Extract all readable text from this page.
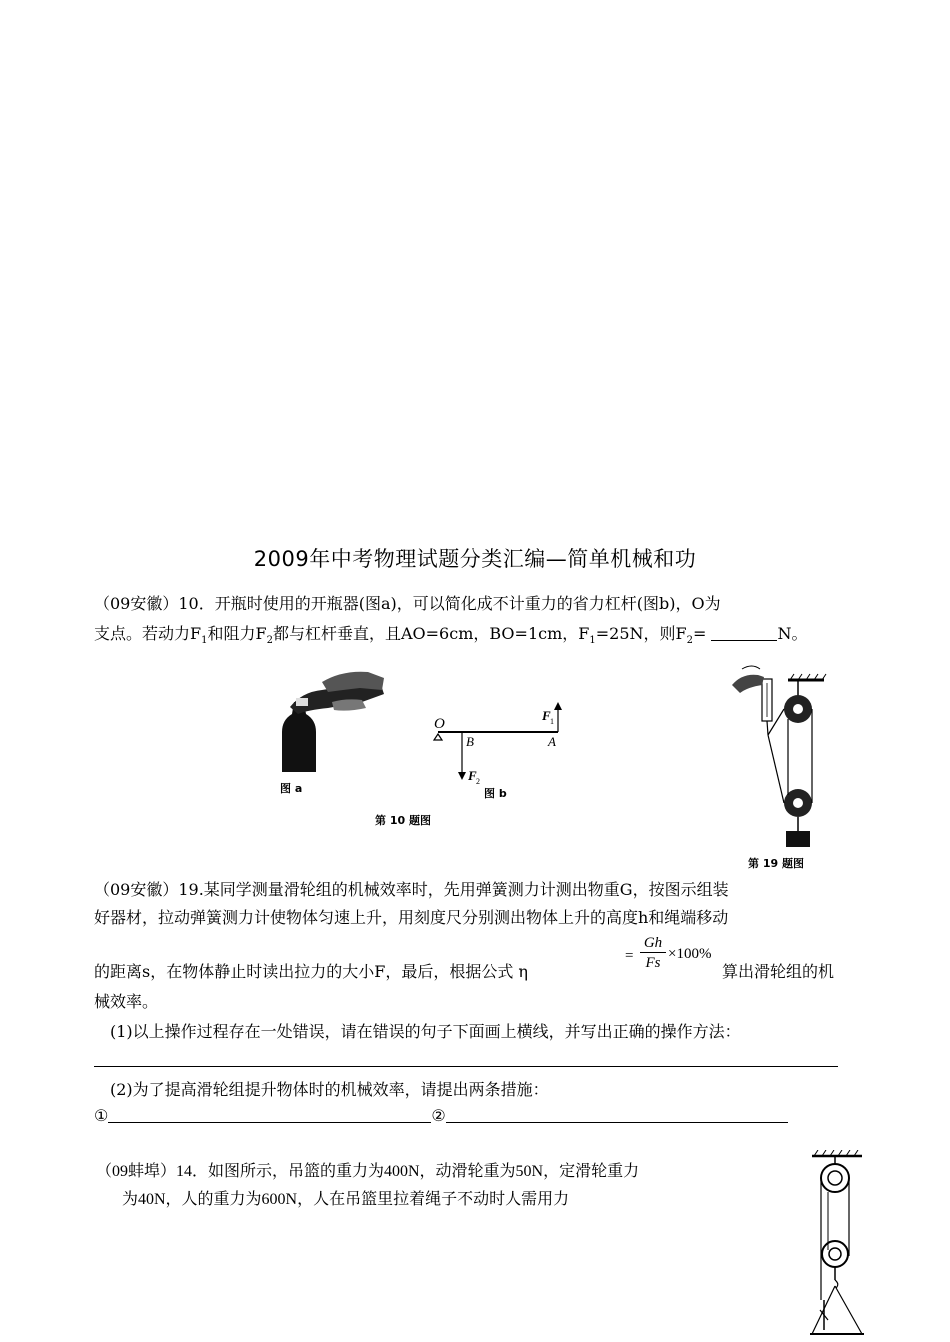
2009年中考物理试题分类汇编—简单机械和功
（09安徽）10．开瓶时使用的开瓶器(图a)，可以简化成不计重力的省力杠杆(图b)，O为
支点。若动力$F_1$和阻力$F_2$都与杠杆垂直，且AO=6cm，BO=1cm，$F_1=25N$，则$F_2=$	N。
图 a
O
B	A
F 1
F 2
图 b
第 10 题图
第 19 题图
（09安徽）19.某同学测量滑轮组的机械效率时，先用弹簧测力计测出物重G，按图示组装
好器材，拉动弹簧测力计使物体匀速上升，用刻度尺分别测出物体上升的高度h和绳端移动
的距离s，在物体静止时读出拉力的大小F，最后，根据公式 η
=
Gh
Fs
×100%
算出滑轮组的机
械效率。
(1)以上操作过程存在一处错误，请在错误的句子下面画上横线，并写出正确的操作方法：
(2)为了提高滑轮组提升物体时的机械效率，请提出两条措施：
①	②
（09蚌埠）14．如图所示，吊篮的重力为400N，动滑轮重为50N，定滑轮重力
为40N，人的重力为600N，人在吊篮里拉着绳子不动时人需用力
